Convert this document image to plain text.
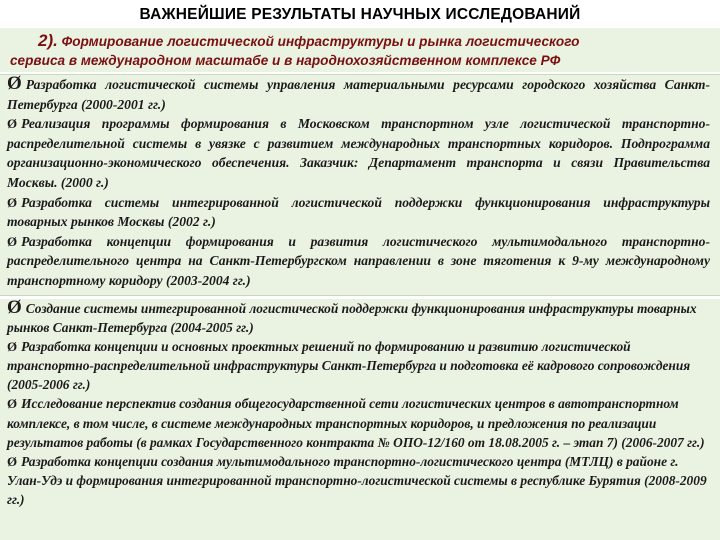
ВАЖНЕЙШИЕ РЕЗУЛЬТАТЫ НАУЧНЫХ ИССЛЕДОВАНИЙ
2). Формирование логистической инфраструктуры и рынка логистического
сервиса в международном масштабе и в народнохозяйственном комплексе РФ

Ø Разработка логистической системы управления материальными ресурсами городского хозяйства Санкт-Петербурга (2000-2001 гг.)

Ø Реализация программы формирования в Московском транспортном узле логистической транспортно-распределительной системы в увязке с развитием международных транспортных коридоров. Подпрограмма организационно-экономического обеспечения. Заказчик: Департамент транспорта и связи Правительства Москвы. (2000 г.)

Ø Разработка системы интегрированной логистической поддержки функционирования инфраструктуры товарных рынков Москвы (2002 г.)

Ø Разработка концепции формирования и развития логистического мультимодального транспортно-распределительного центра на Санкт-Петербургском направлении в зоне тяготения к 9-му международному транспортному коридору (2003-2004 гг.)

Ø Создание системы интегрированной логистической поддержки функционирования инфраструктуры товарных рынков Санкт-Петербурга (2004-2005 гг.)

Ø Разработка концепции и основных проектных решений по формированию и развитию логистической транспортно-распределительной инфраструктуры Санкт-Петербурга и подготовка её кадрового сопровождения (2005-2006 гг.)

Ø Исследование перспектив создания общегосударственной сети логистических центров в автотранспортном комплексе, в том числе, в системе международных транспортных коридоров, и предложения по реализации результатов работы (в рамках Государственного контракта № ОПО-12/160 от 18.08.2005 г. – этап 7) (2006-2007 гг.)

Ø Разработка концепции создания мультимодального транспортно-логистического центра (МТЛЦ) в районе г. Улан-Удэ и формирования интегрированной транспортно-логистической системы в республике Бурятия (2008-2009 гг.)
